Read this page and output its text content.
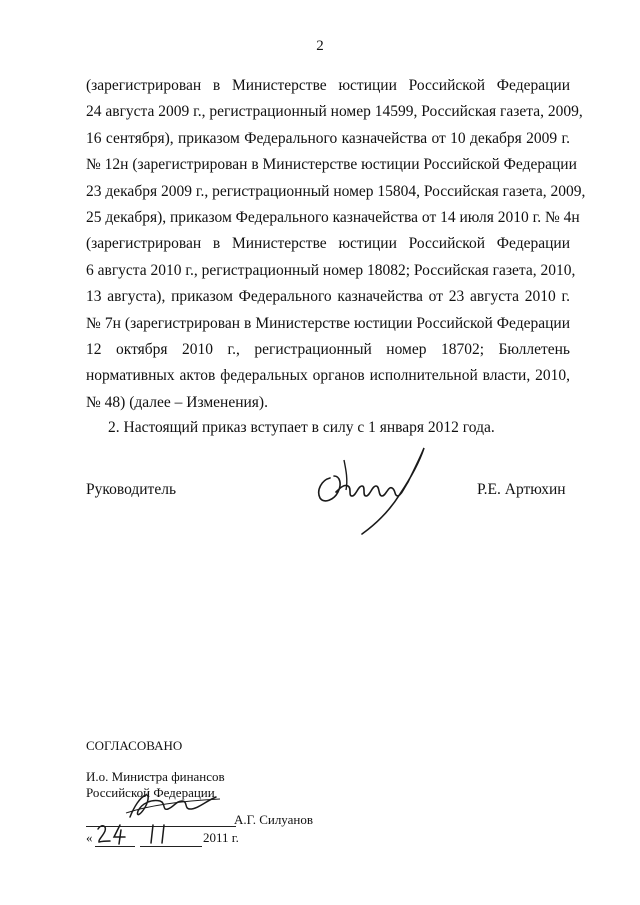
2
(зарегистрирован в Министерстве юстиции Российской Федерации
24 августа 2009 г., регистрационный номер 14599, Российская газета, 2009,
16 сентября), приказом Федерального казначейства от 10 декабря 2009 г.
№ 12н (зарегистрирован в Министерстве юстиции Российской Федерации
23 декабря 2009 г., регистрационный номер 15804, Российская газета, 2009,
25 декабря), приказом Федерального казначейства от 14 июля 2010 г. № 4н
(зарегистрирован в Министерстве юстиции Российской Федерации
6 августа 2010 г., регистрационный номер 18082; Российская газета, 2010,
13 августа), приказом Федерального казначейства от 23 августа 2010 г.
№ 7н (зарегистрирован в Министерстве юстиции Российской Федерации
12 октября 2010 г., регистрационный номер 18702; Бюллетень
нормативных актов федеральных органов исполнительной власти, 2010,
№ 48) (далее – Изменения).
2. Настоящий приказ вступает в силу с 1 января 2012 года.
Руководитель	Р.Е. Артюхин
СОГЛАСОВАНО
И.о. Министра финансов
Российской Федерации
А.Г. Силуанов
«	2011 г.
